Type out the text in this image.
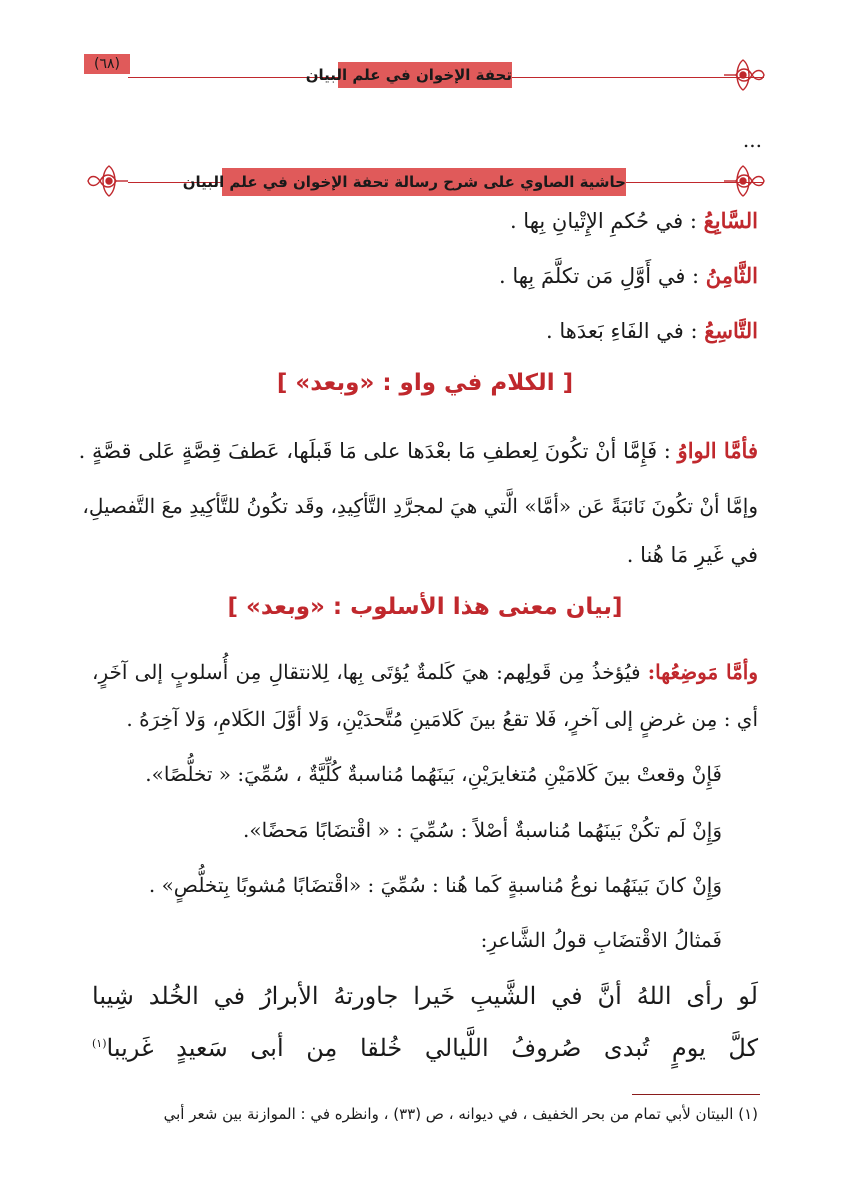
(٦٨)
تحفة الإخوان في علم البيان
...
حاشية الصاوي على شرح رسالة تحفة الإخوان في علم البيان
السَّابِعُ : في حُكمِ الإِتْيانِ بِها .
الثَّامِنُ : في أَوَّلِ مَن تكلَّمَ بِها .
التَّاسِعُ : في الفَاءِ بَعدَها .
[ الكلام في واو : «وبعد» ]
فأمَّا الواوُ : فَإِمَّا أنْ تكُونَ لِعطفِ مَا بعْدَها على مَا قَبلَها، عَطفَ قِصَّةٍ عَلى قصَّةٍ .
وإمَّا أنْ تكُونَ نَائبَةً عَن «أمَّا» الَّتي هيَ لمجرَّدِ التَّأكِيدِ، وقَد تكُونُ للتَّأكِيدِ معَ التَّفصيلِ،
في غَيرِ مَا هُنا .
[بيان معنى هذا الأسلوب : «وبعد» ]
وأمَّا مَوضِعُها: فيُؤخذُ مِن قَولِهم: هيَ كَلمةٌ يُؤتَى بِها، لِلانتقالِ مِن أُسلوبٍ إلى آخَرٍ،
أي : مِن غرضٍ إلى آخرٍ، فَلا تقعُ بينَ كَلامَينِ مُتَّحدَيْنِ، وَلا أوَّلَ الكَلامِ، وَلا آخِرَهُ .
فَإِنْ وقعتْ بينَ كَلامَيْنِ مُتغايرَيْنِ، بَينَهُما مُناسبةٌ كُلِّيَّةٌ ، سُمِّيَ: « تخلُّصًا».
وَإِنْ لَم تكُنْ بَينَهُما مُناسبةٌ أصْلاً : سُمِّيَ : « اقْتضَابًا مَحضًا».
وَإِنْ كانَ بَينَهُما نوعُ مُناسبةٍ كَما هُنا : سُمِّيَ : «اقْتضَابًا مُشوبًا بِتخلُّصٍ» .
فَمثالُ الاقْتضَابِ قولُ الشَّاعرِ:
لَو رأى اللهُ أنَّ في الشَّيبِ خَيرا جاورتهُ الأبرارُ في الخُلد شِيبا
كلَّ يومٍ تُبدى صُروفُ اللَّيالي خُلقا مِن أبى سَعيدٍ غَريبا$^{(١)}$
(١) البيتان لأبي تمام من بحر الخفيف ، في ديوانه ، ص (٣٣) ، وانظره في : الموازنة بين شعر أبي
